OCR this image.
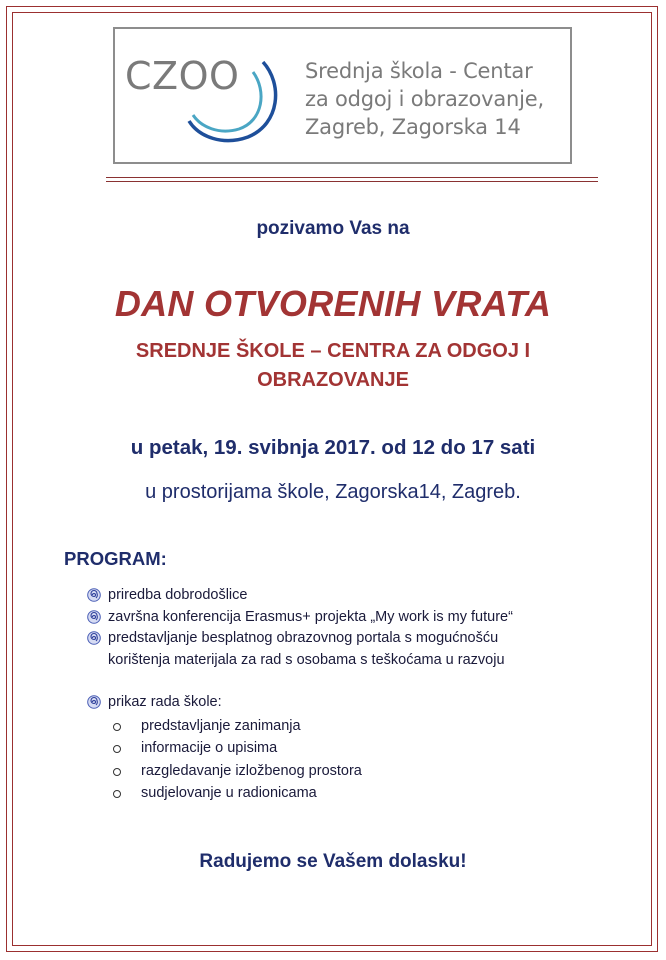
CZOO	Srednja škola - Centar
za odgoj i obrazovanje,
Zagreb, Zagorska 14
pozivamo Vas na
DAN OTVORENIH VRATA
SREDNJE ŠKOLE – CENTRA ZA ODGOJ I
OBRAZOVANJE
u petak, 19. svibnja 2017. od 12 do 17 sati
u prostorijama škole, Zagorska14, Zagreb.
PROGRAM:
priredba dobrodošlice
završna konferencija Erasmus+ projekta „My work is my future“
predstavljanje besplatnog obrazovnog portala s mogućnošću
korištenja materijala za rad s osobama s teškoćama u razvoju
prikaz rada škole:
predstavljanje zanimanja
informacije o upisima
razgledavanje izložbenog prostora
sudjelovanje u radionicama
Radujemo se Vašem dolasku!
